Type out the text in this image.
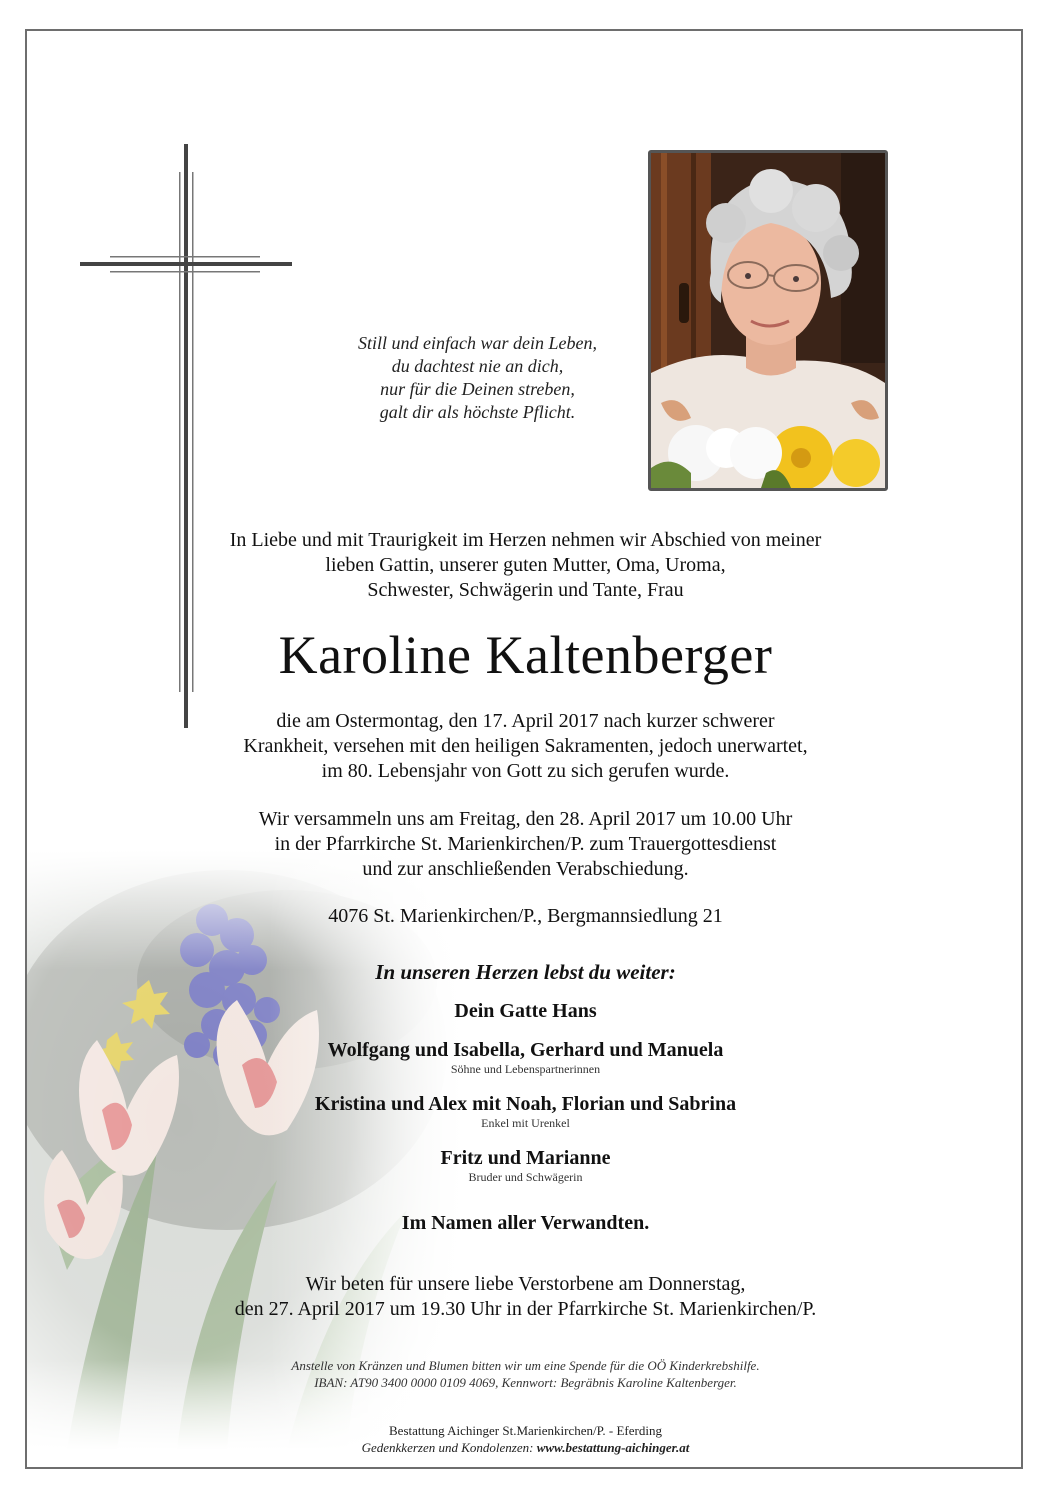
Still und einfach war dein Leben,
du dachtest nie an dich,
nur für die Deinen streben,
galt dir als höchste Pflicht.
In Liebe und mit Traurigkeit im Herzen nehmen wir Abschied von meiner
lieben Gattin, unserer guten Mutter, Oma, Uroma,
Schwester, Schwägerin und Tante, Frau
Karoline Kaltenberger
die am Ostermontag, den 17. April 2017 nach kurzer schwerer
Krankheit, versehen mit den heiligen Sakramenten, jedoch unerwartet,
im 80. Lebensjahr von Gott zu sich gerufen wurde.
Wir versammeln uns am Freitag, den 28. April 2017 um 10.00 Uhr
in der Pfarrkirche St. Marienkirchen/P. zum Trauergottesdienst
und zur anschließenden Verabschiedung.
4076 St. Marienkirchen/P., Bergmannsiedlung 21
In unseren Herzen lebst du weiter:
Dein Gatte Hans
Wolfgang und Isabella, Gerhard und Manuela
Söhne und Lebenspartnerinnen
Kristina und Alex mit Noah, Florian und Sabrina
Enkel mit Urenkel
Fritz und Marianne
Bruder und Schwägerin
Im Namen aller Verwandten.
Wir beten für unsere liebe Verstorbene am Donnerstag,
den 27. April 2017 um 19.30 Uhr in der Pfarrkirche St. Marienkirchen/P.
Anstelle von Kränzen und Blumen bitten wir um eine Spende für die OÖ Kinderkrebshilfe.
IBAN: AT90 3400 0000 0109 4069, Kennwort: Begräbnis Karoline Kaltenberger.
Bestattung Aichinger St.Marienkirchen/P. - Eferding
Gedenkkerzen und Kondolenzen: www.bestattung-aichinger.at
